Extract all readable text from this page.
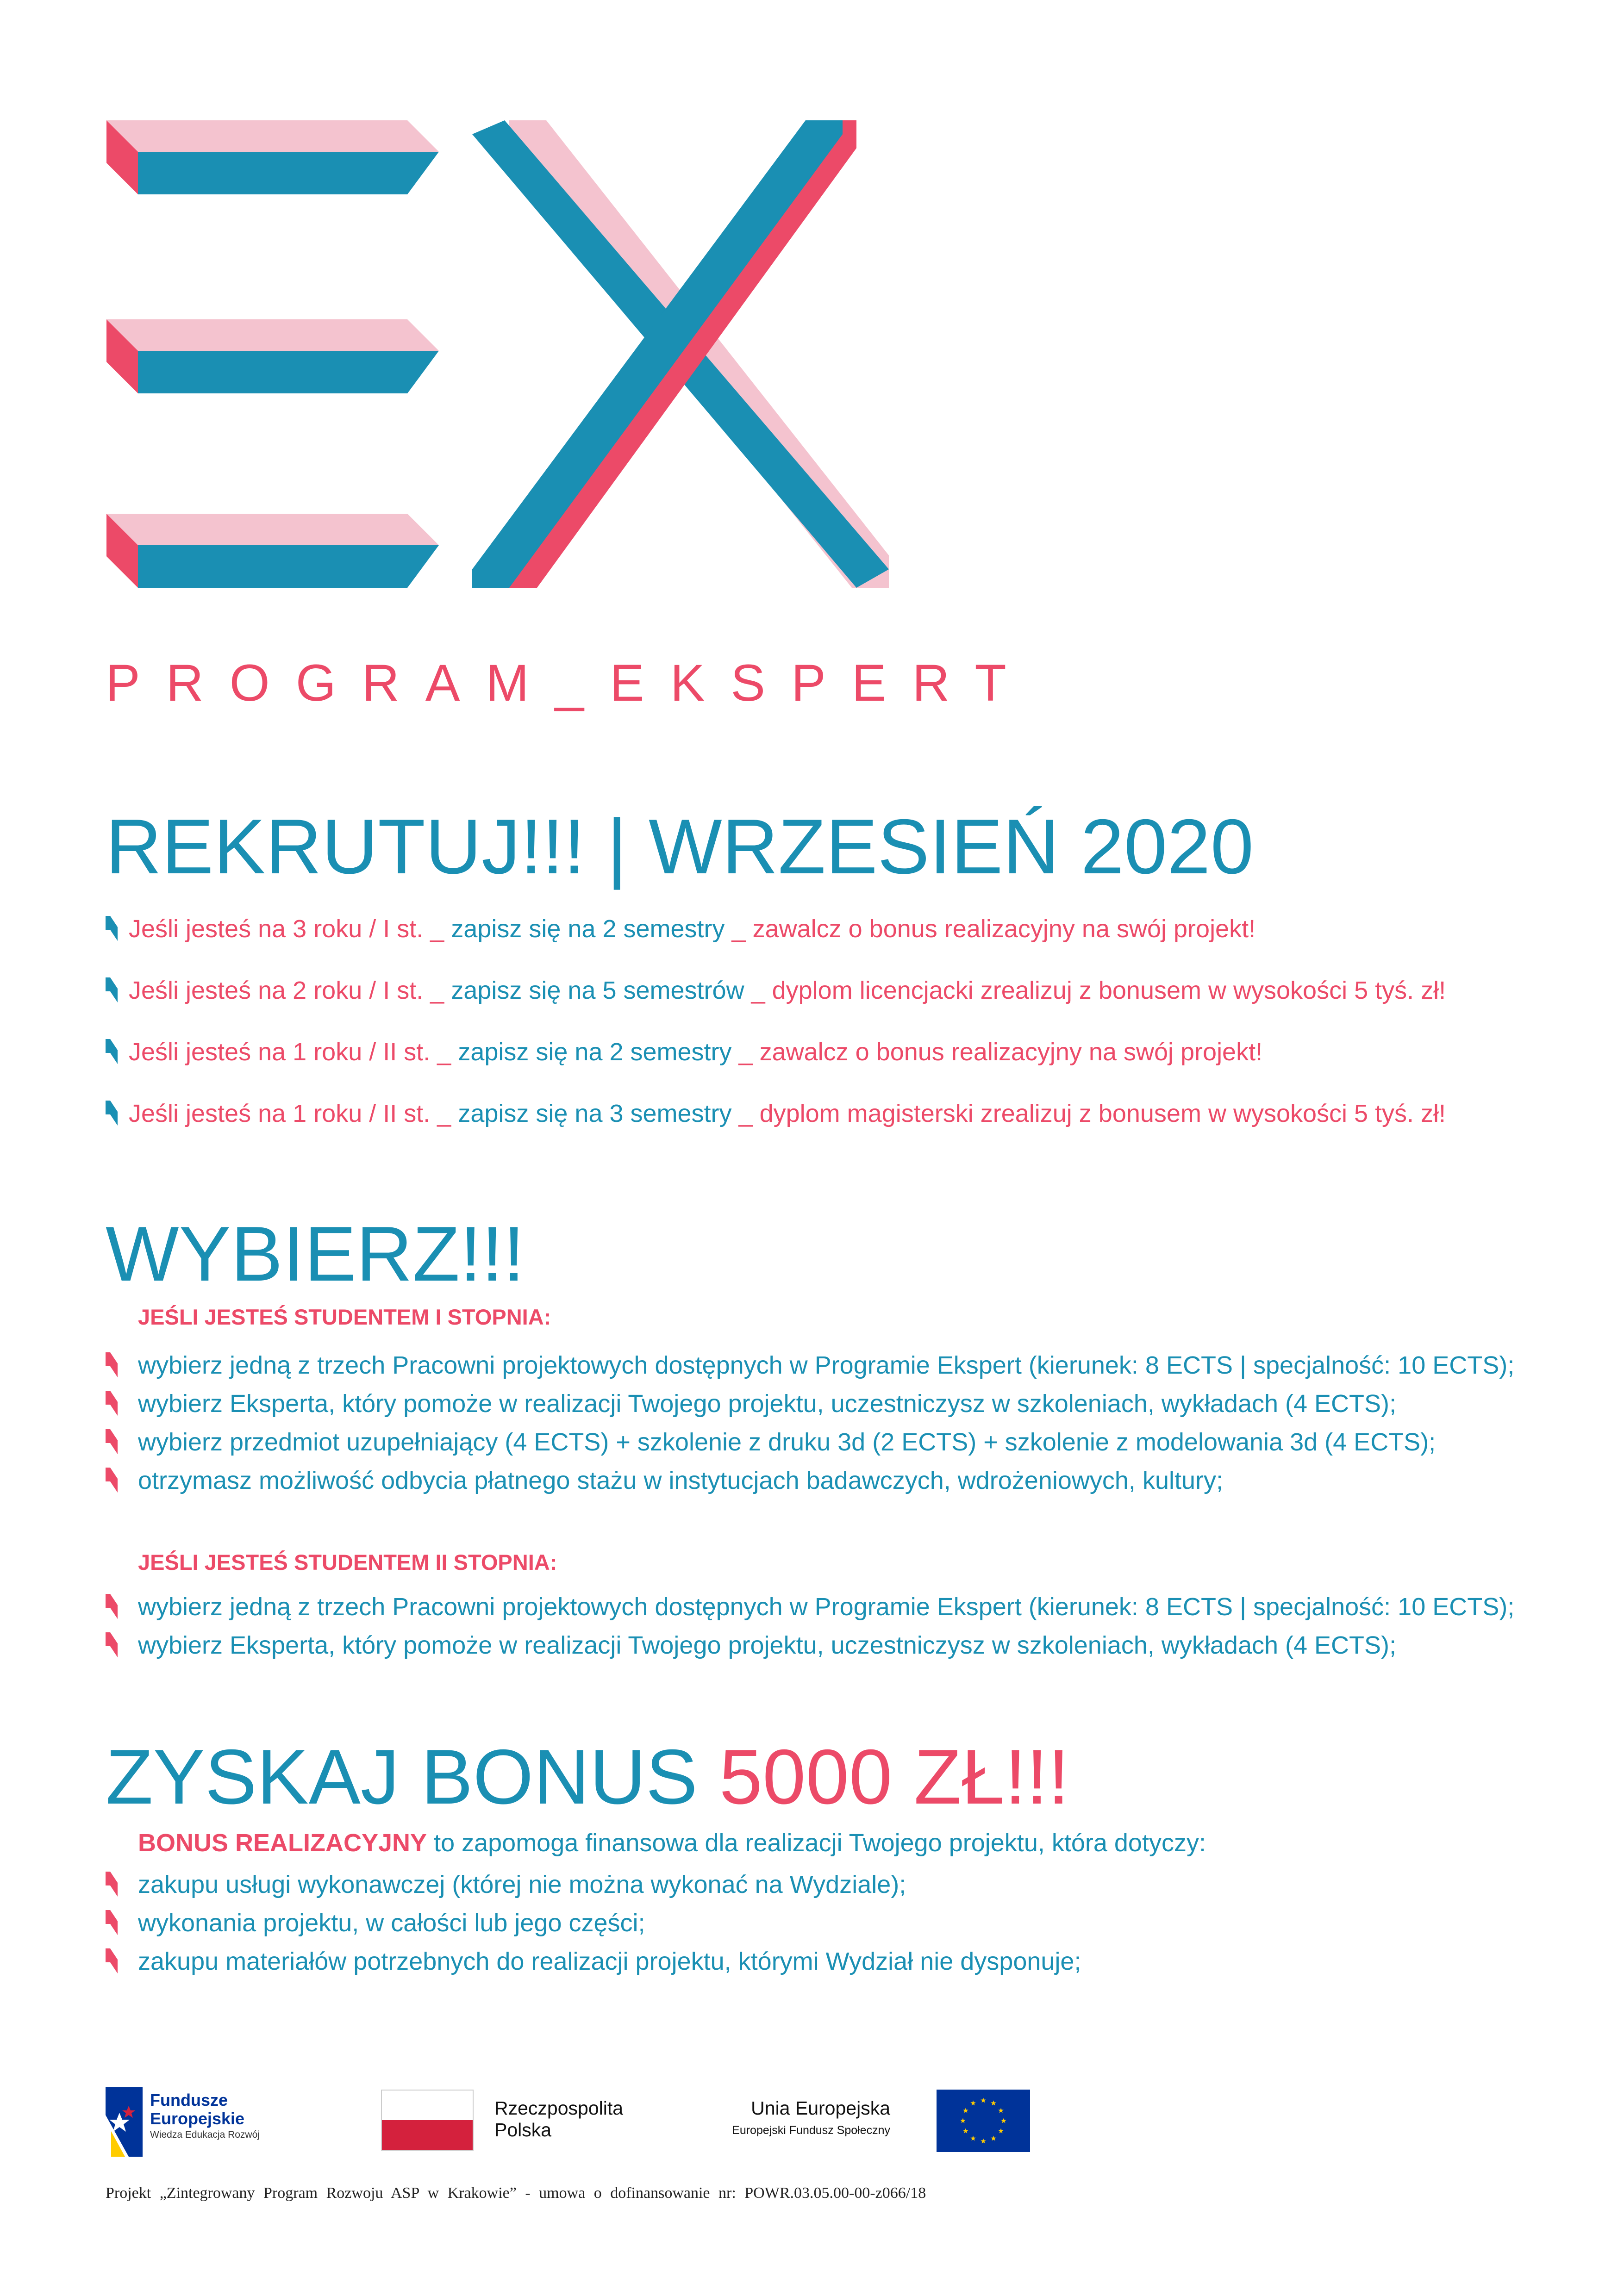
PROGRAM_EKSPERT
REKRUTUJ!!! | WRZESIEŃ 2020
Jeśli jesteś na 3 roku / I st. _ zapisz się na 2 semestry _ zawalcz o bonus realizacyjny na swój projekt!
Jeśli jesteś na 2 roku / I st. _ zapisz się na 5 semestrów _ dyplom licencjacki zrealizuj z bonusem w wysokości 5 tyś. zł!
Jeśli jesteś na 1 roku / II st. _ zapisz się na 2 semestry _ zawalcz o bonus realizacyjny na swój projekt!
Jeśli jesteś na 1 roku / II st. _ zapisz się na 3 semestry _ dyplom magisterski zrealizuj z bonusem w wysokości 5 tyś. zł!
WYBIERZ!!!
JEŚLI JESTEŚ STUDENTEM I STOPNIA:
wybierz jedną z trzech Pracowni projektowych dostępnych w Programie Ekspert (kierunek: 8 ECTS | specjalność: 10 ECTS);
wybierz Eksperta, który pomoże w realizacji Twojego projektu, uczestniczysz w szkoleniach, wykładach (4 ECTS);
wybierz przedmiot uzupełniający (4 ECTS) + szkolenie z druku 3d (2 ECTS) + szkolenie z modelowania 3d (4 ECTS);
otrzymasz możliwość odbycia płatnego stażu w instytucjach badawczych, wdrożeniowych, kultury;
JEŚLI JESTEŚ STUDENTEM II STOPNIA:
wybierz jedną z trzech Pracowni projektowych dostępnych w Programie Ekspert (kierunek: 8 ECTS | specjalność: 10 ECTS);
wybierz Eksperta, który pomoże w realizacji Twojego projektu, uczestniczysz w szkoleniach, wykładach (4 ECTS);
ZYSKAJ BONUS 5000 ZŁ!!!
BONUS REALIZACYJNY to zapomoga finansowa dla realizacji Twojego projektu, która dotyczy:
zakupu usługi wykonawczej (której nie można wykonać na Wydziale);
wykonania projektu, w całości lub jego części;
zakupu materiałów potrzebnych do realizacji projektu, którymi Wydział nie dysponuje;
Fundusze
Europejskie
Wiedza Edukacja Rozwój
Rzeczpospolita
Polska
Unia Europejska
Europejski Fundusz Społeczny
Projekt „Zintegrowany Program Rozwoju ASP w Krakowie” - umowa o dofinansowanie nr: POWR.03.05.00-00-z066/18
